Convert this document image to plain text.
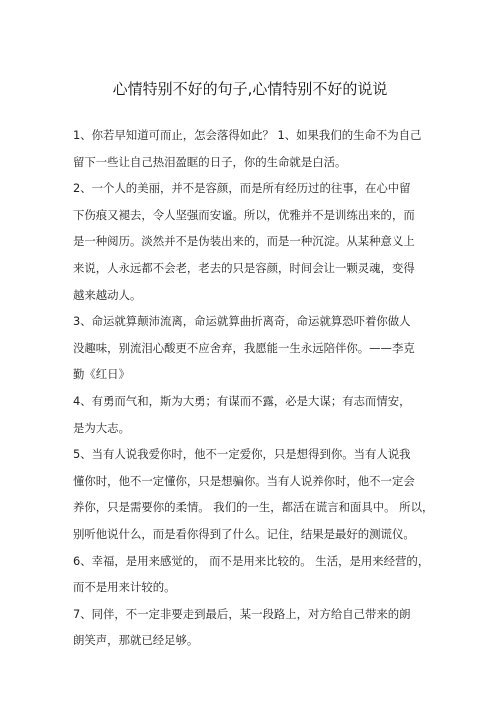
心情特别不好的句子,心情特别不好的说说

1、你若早知道可而止，怎会落得如此？ 1、如果我们的生命不为自己
留下一些让自己热泪盈眶的日子，你的生命就是白活。

2、一个人的美丽，并不是容颜，而是所有经历过的往事，在心中留
下伤痕又褪去，令人坚强而安谧。所以，优雅并不是训练出来的，而
是一种阅历。淡然并不是伪装出来的，而是一种沉淀。从某种意义上
来说，人永远都不会老，老去的只是容颜，时间会让一颗灵魂，变得
越来越动人。

3、命运就算颠沛流离，命运就算曲折离奇，命运就算恐吓着你做人
没趣味，别流泪心酸更不应舍弃，我愿能一生永远陪伴你。——李克
勤《红日》

4、有勇而气和，斯为大勇；有谋而不露，必是大谋；有志而情安，
是为大志。

5、当有人说我爱你时，他不一定爱你，只是想得到你。当有人说我
懂你时，他不一定懂你，只是想骗你。当有人说养你时，他不一定会
养你，只是需要你的柔情。 我们的一生，都活在谎言和面具中。 所以，
别听他说什么，而是看你得到了什么。记住，结果是最好的测谎仪。

6、幸福，是用来感觉的， 而不是用来比较的。 生活，是用来经营的，
而不是用来计较的。

7、同伴，不一定非要走到最后，某一段路上，对方给自己带来的朗
朗笑声，那就已经足够。
